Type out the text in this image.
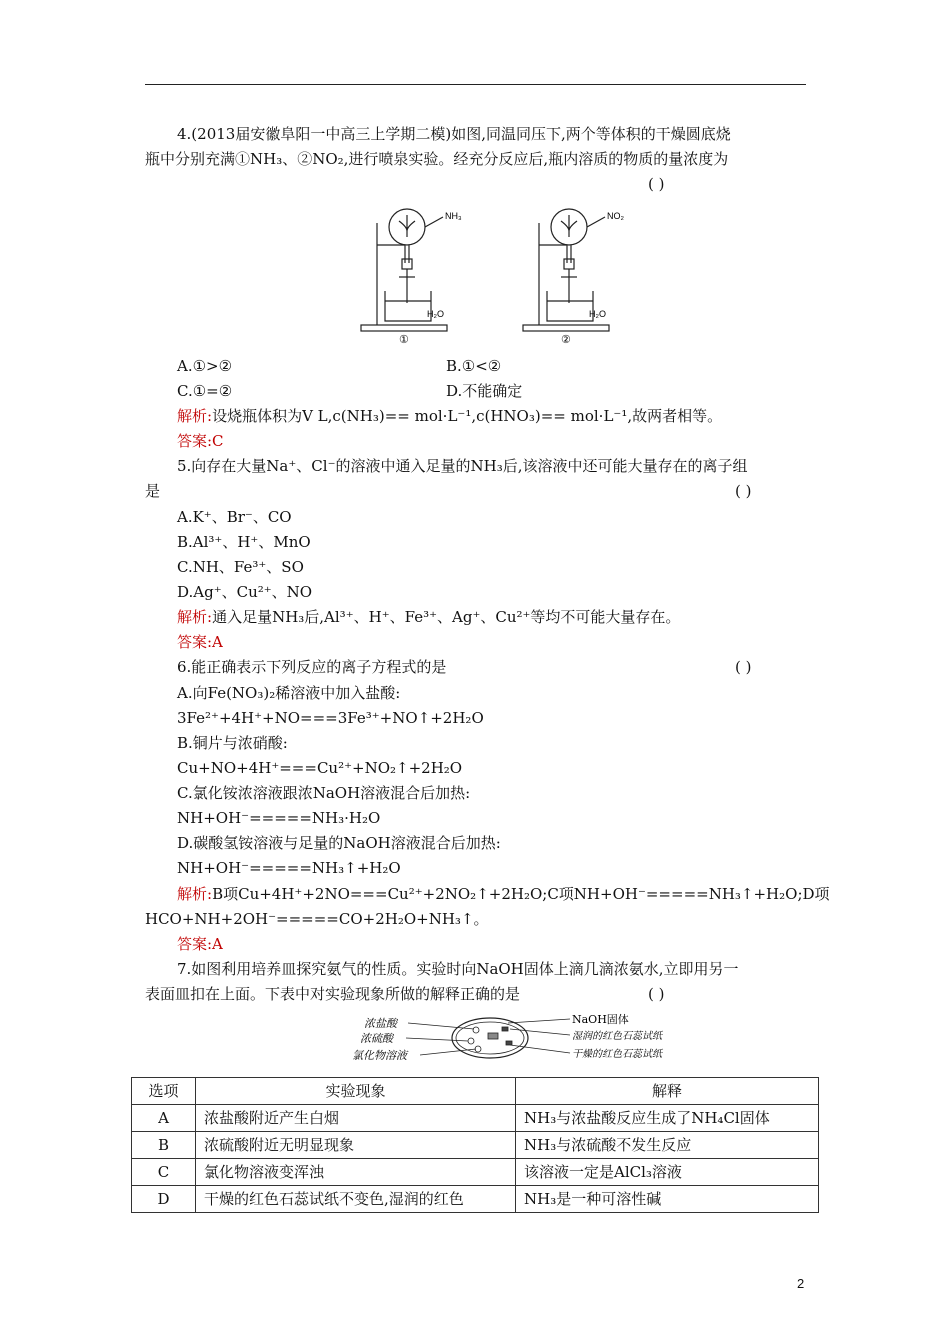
4.(2013届安徽阜阳一中高三上学期二模)如图,同温同压下,两个等体积的干燥圆底烧
瓶中分别充满①NH₃、②NO₂,进行喷泉实验。经充分反应后,瓶内溶质的物质的量浓度为
( )
NH₃	NO₂
H₂O	H₂O
①	②
A.①>②	B.①<②
C.①=②	D.不能确定
解析:设烧瓶体积为V L,c(NH₃)== mol·L⁻¹,c(HNO₃)== mol·L⁻¹,故两者相等。
答案:C
5.向存在大量Na⁺、Cl⁻的溶液中通入足量的NH₃后,该溶液中还可能大量存在的离子组
是	( )
A.K⁺、Br⁻、CO
B.Al³⁺、H⁺、MnO
C.NH、Fe³⁺、SO
D.Ag⁺、Cu²⁺、NO
解析:通入足量NH₃后,Al³⁺、H⁺、Fe³⁺、Ag⁺、Cu²⁺等均不可能大量存在。
答案:A
6.能正确表示下列反应的离子方程式的是	( )
A.向Fe(NO₃)₂稀溶液中加入盐酸:
3Fe²⁺+4H⁺+NO===3Fe³⁺+NO↑+2H₂O
B.铜片与浓硝酸:
Cu+NO+4H⁺===Cu²⁺+NO₂↑+2H₂O
C.氯化铵浓溶液跟浓NaOH溶液混合后加热:
NH+OH⁻=====NH₃·H₂O
D.碳酸氢铵溶液与足量的NaOH溶液混合后加热:
NH+OH⁻=====NH₃↑+H₂O
解析:B项Cu+4H⁺+2NO===Cu²⁺+2NO₂↑+2H₂O;C项NH+OH⁻=====NH₃↑+H₂O;D项
HCO+NH+2OH⁻=====CO+2H₂O+NH₃↑。
答案:A
7.如图利用培养皿探究氨气的性质。实验时向NaOH固体上滴几滴浓氨水,立即用另一
表面皿扣在上面。下表中对实验现象所做的解释正确的是	( )
浓盐酸
浓硫酸
氯化物溶液
NaOH固体
湿润的红色石蕊试纸
干燥的红色石蕊试纸
选项	实验现象	解释
A	浓盐酸附近产生白烟	NH₃与浓盐酸反应生成了NH₄Cl固体
B	浓硫酸附近无明显现象	NH₃与浓硫酸不发生反应
C	氯化物溶液变浑浊	该溶液一定是AlCl₃溶液
D	干燥的红色石蕊试纸不变色,湿润的红色	NH₃是一种可溶性碱
2
